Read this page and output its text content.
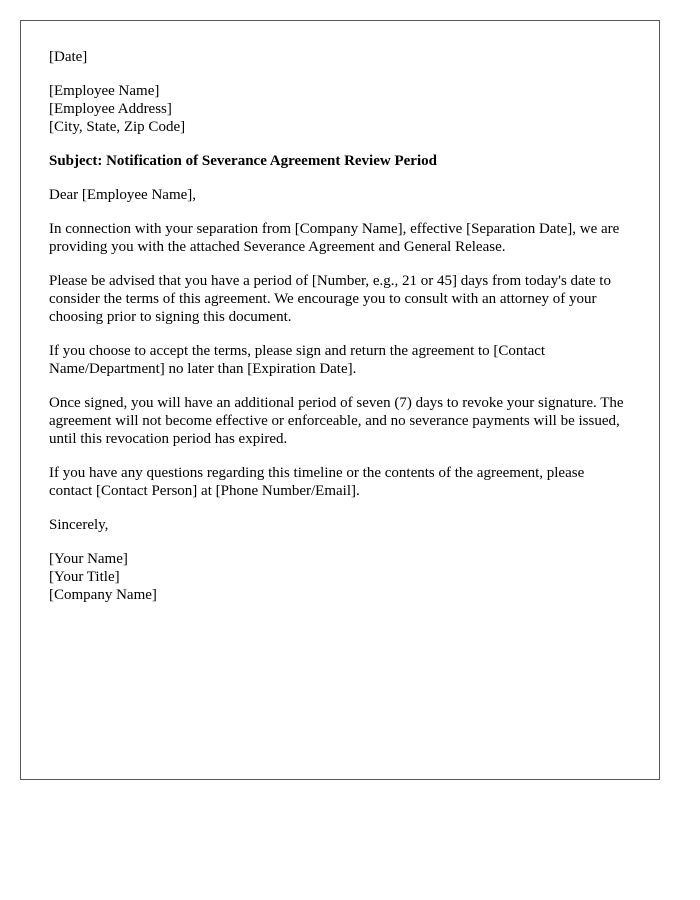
[Date]
[Employee Name]
[Employee Address]
[City, State, Zip Code]
Subject: Notification of Severance Agreement Review Period
Dear [Employee Name],

In connection with your separation from [Company Name], effective [Separation Date], we are providing you with the attached Severance Agreement and General Release.

Please be advised that you have a period of [Number, e.g., 21 or 45] days from today's date to consider the terms of this agreement. We encourage you to consult with an attorney of your choosing prior to signing this document.

If you choose to accept the terms, please sign and return the agreement to [Contact Name/Department] no later than [Expiration Date].

Once signed, you will have an additional period of seven (7) days to revoke your signature. The agreement will not become effective or enforceable, and no severance payments will be issued, until this revocation period has expired.

If you have any questions regarding this timeline or the contents of the agreement, please contact [Contact Person] at [Phone Number/Email].

Sincerely,
[Your Name]
[Your Title]
[Company Name]
